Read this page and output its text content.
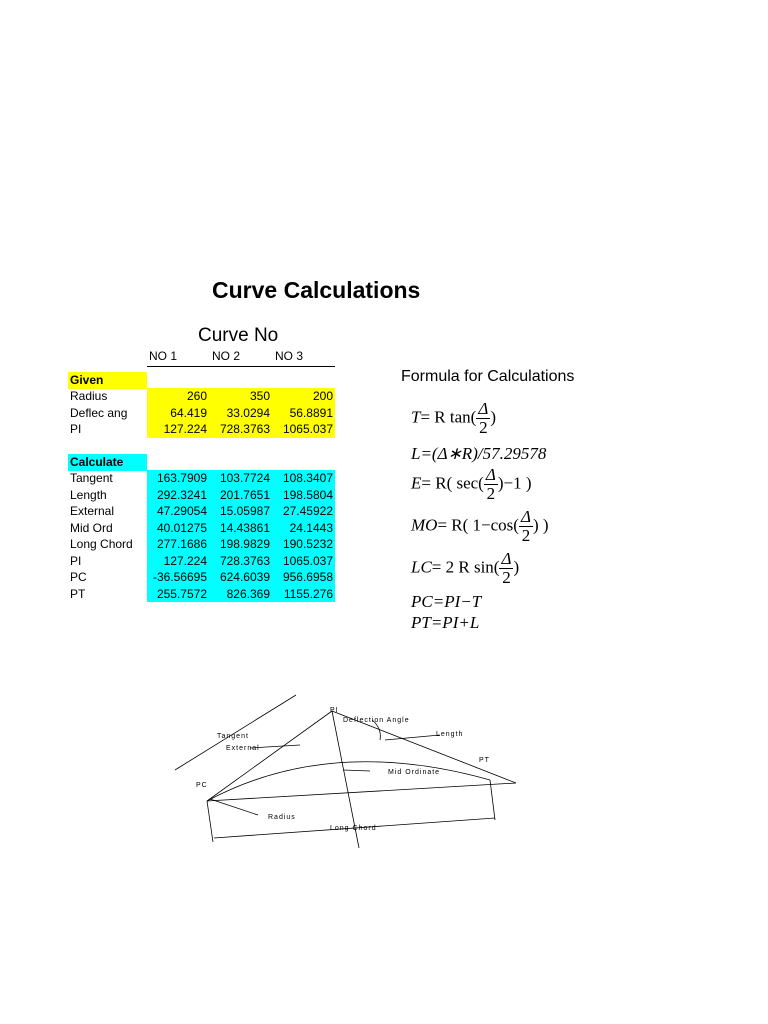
Curve Calculations
Curve No
NO 1	NO 2	NO 3
Given
Radius	260	350	200
Deflec ang	64.419	33.0294	56.8891
PI	127.224	728.3763	1065.037
Calculate
Tangent	163.7909	103.7724	108.3407
Length	292.3241	201.7651	198.5804
External	47.29054	15.05987	27.45922
Mid Ord	40.01275	14.43861	24.1443
Long Chord	277.1686	198.9829	190.5232
PI	127.224	728.3763	1065.037
PC	-36.56695	624.6039	956.6958
PT	255.7572	826.369	1155.276
Formula for Calculations
T= R $\tan( \frac{\Delta}{2}$ )
L=(Δ∗R)/57.29578
E= R( $\sec( \frac{\Delta}{2} )-1$ )
MO= R( $1-\cos( \frac{\Delta}{2}$ ) )
LC= 2 R $\sin( \frac{\Delta}{2}$ )
PC=PI−T
PT=PI+L
PI
Deflection Angle
Length
Tangent
External
PT
PC
Mid Ordinate
Radius
Long Chord
